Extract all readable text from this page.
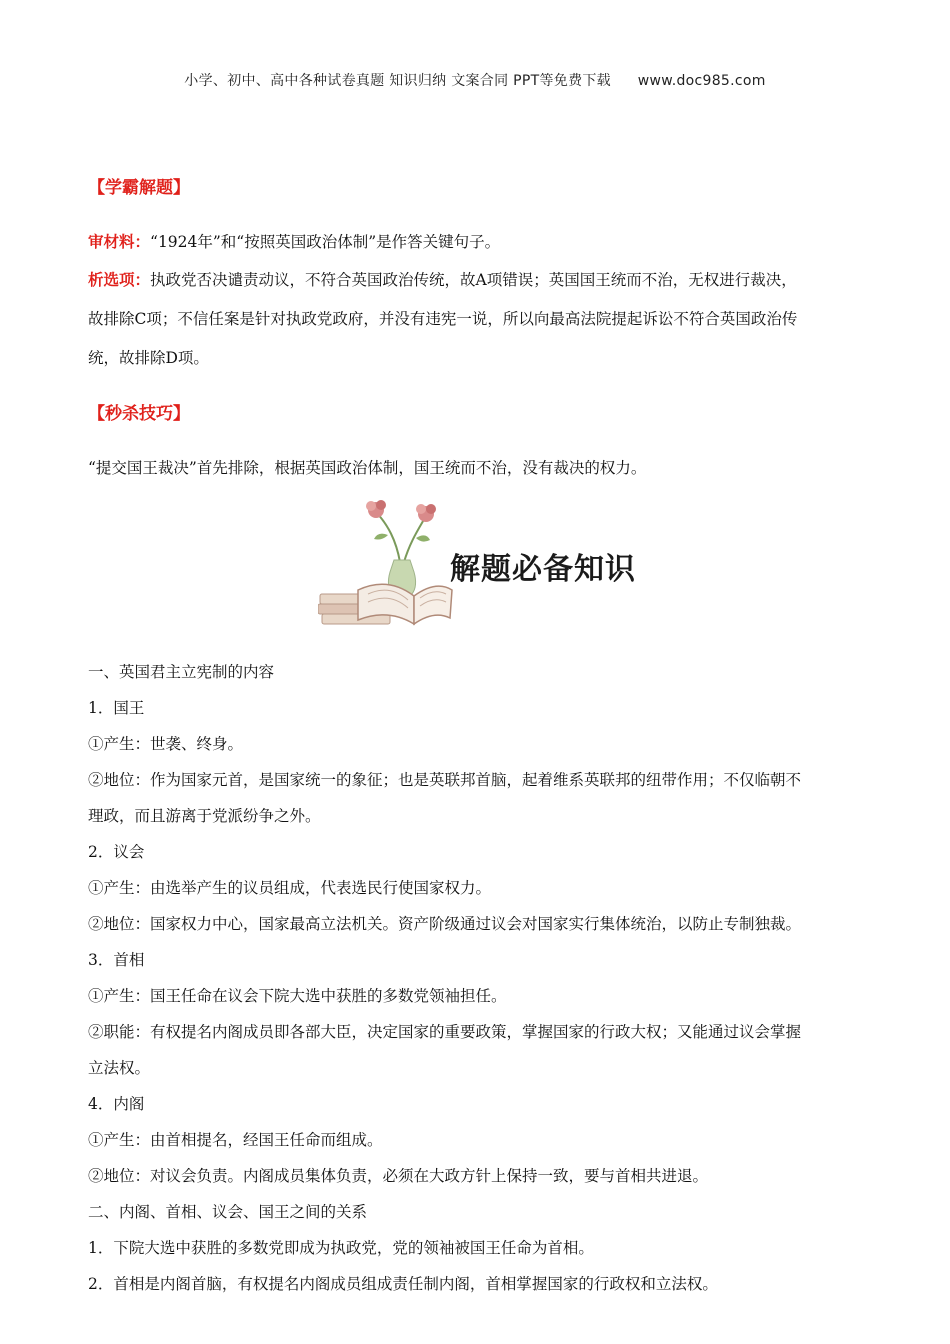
小学、初中、高中各种试卷真题 知识归纳 文案合同 PPT等免费下载 www.doc985.com

【学霸解题】

审材料：“1924年”和“按照英国政治体制”是作答关键句子。

析选项：执政党否决谴责动议，不符合英国政治传统，故A项错误；英国国王统而不治，无权进行裁决，

故排除C项；不信任案是针对执政党政府，并没有违宪一说，所以向最高法院提起诉讼不符合英国政治传

统，故排除D项。

【秒杀技巧】

“提交国王裁决”首先排除，根据英国政治体制，国王统而不治，没有裁决的权力。

解题必备知识

一、英国君主立宪制的内容

1．国王

①产生：世袭、终身。

②地位：作为国家元首，是国家统一的象征；也是英联邦首脑，起着维系英联邦的纽带作用；不仅临朝不

理政，而且游离于党派纷争之外。

2．议会

①产生：由选举产生的议员组成，代表选民行使国家权力。

②地位：国家权力中心，国家最高立法机关。资产阶级通过议会对国家实行集体统治，以防止专制独裁。

3．首相

①产生：国王任命在议会下院大选中获胜的多数党领袖担任。

②职能：有权提名内阁成员即各部大臣，决定国家的重要政策，掌握国家的行政大权；又能通过议会掌握

立法权。

4．内阁

①产生：由首相提名，经国王任命而组成。

②地位：对议会负责。内阁成员集体负责，必须在大政方针上保持一致，要与首相共进退。

二、内阁、首相、议会、国王之间的关系

1．下院大选中获胜的多数党即成为执政党，党的领袖被国王任命为首相。

2．首相是内阁首脑，有权提名内阁成员组成责任制内阁，首相掌握国家的行政权和立法权。
